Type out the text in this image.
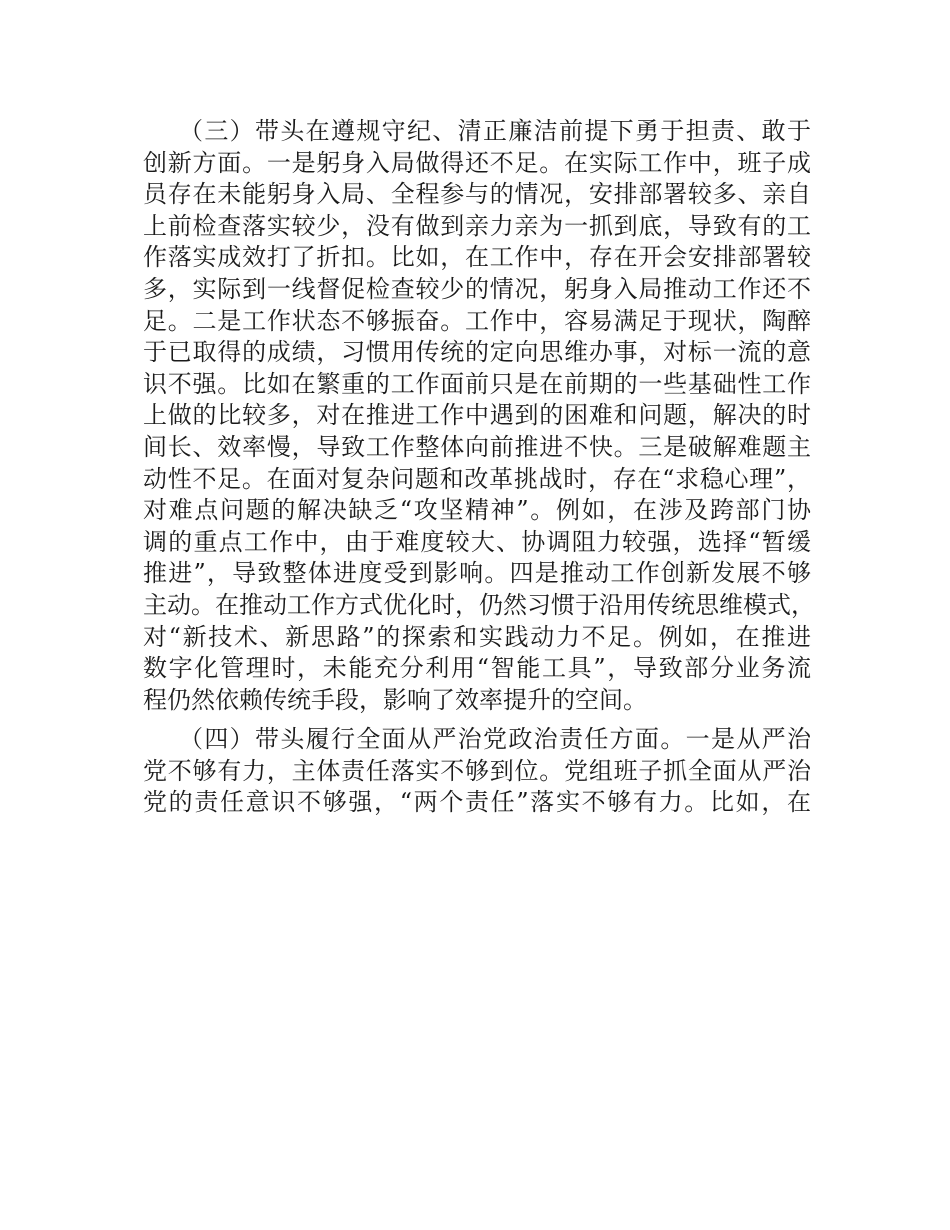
（三）带头在遵规守纪、清正廉洁前提下勇于担责、敢于
创新方面。一是躬身入局做得还不足。在实际工作中，班子成
员存在未能躬身入局、全程参与的情况，安排部署较多、亲自
上前检查落实较少，没有做到亲力亲为一抓到底，导致有的工
作落实成效打了折扣。比如，在工作中，存在开会安排部署较
多，实际到一线督促检查较少的情况，躬身入局推动工作还不
足。二是工作状态不够振奋。工作中，容易满足于现状，陶醉
于已取得的成绩，习惯用传统的定向思维办事，对标一流的意
识不强。比如在繁重的工作面前只是在前期的一些基础性工作
上做的比较多，对在推进工作中遇到的困难和问题，解决的时
间长、效率慢，导致工作整体向前推进不快。三是破解难题主
动性不足。在面对复杂问题和改革挑战时，存在“求稳心理”，
对难点问题的解决缺乏“攻坚精神”。例如，在涉及跨部门协
调的重点工作中，由于难度较大、协调阻力较强，选择“暂缓
推进”，导致整体进度受到影响。四是推动工作创新发展不够
主动。在推动工作方式优化时，仍然习惯于沿用传统思维模式，
对“新技术、新思路”的探索和实践动力不足。例如，在推进
数字化管理时，未能充分利用“智能工具”，导致部分业务流
程仍然依赖传统手段，影响了效率提升的空间。
（四）带头履行全面从严治党政治责任方面。一是从严治
党不够有力，主体责任落实不够到位。党组班子抓全面从严治
党的责任意识不够强，“两个责任”落实不够有力。比如，在
